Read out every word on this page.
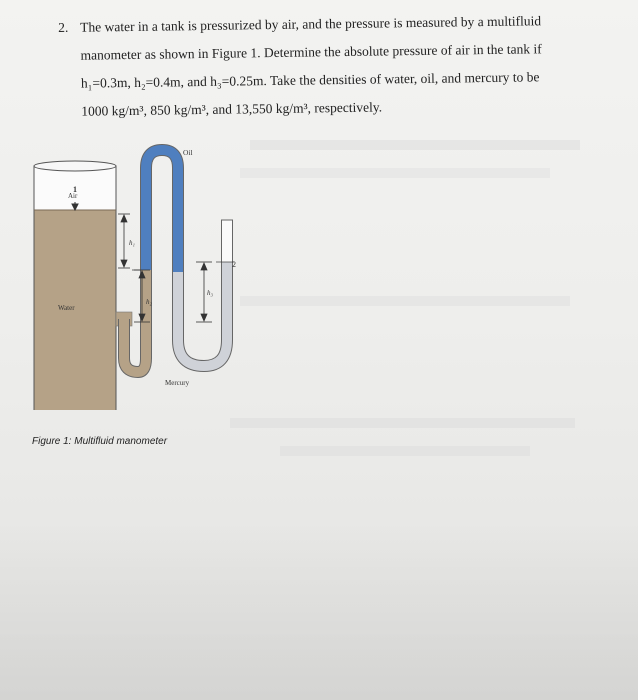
2. The water in a tank is pressurized by air, and the pressure is measured by a multifluid
manometer as shown in Figure 1. Determine the absolute pressure of air in the tank if
h₁=0.3m, h₂=0.4m, and h₃=0.25m. Take the densities of water, oil, and mercury to be
1000 kg/m³, 850 kg/m³, and 13,550 kg/m³, respectively.
Oil
Air
1
2
h₁
h₂
h₃
Water
Mercury
Figure 1: Multifluid manometer
